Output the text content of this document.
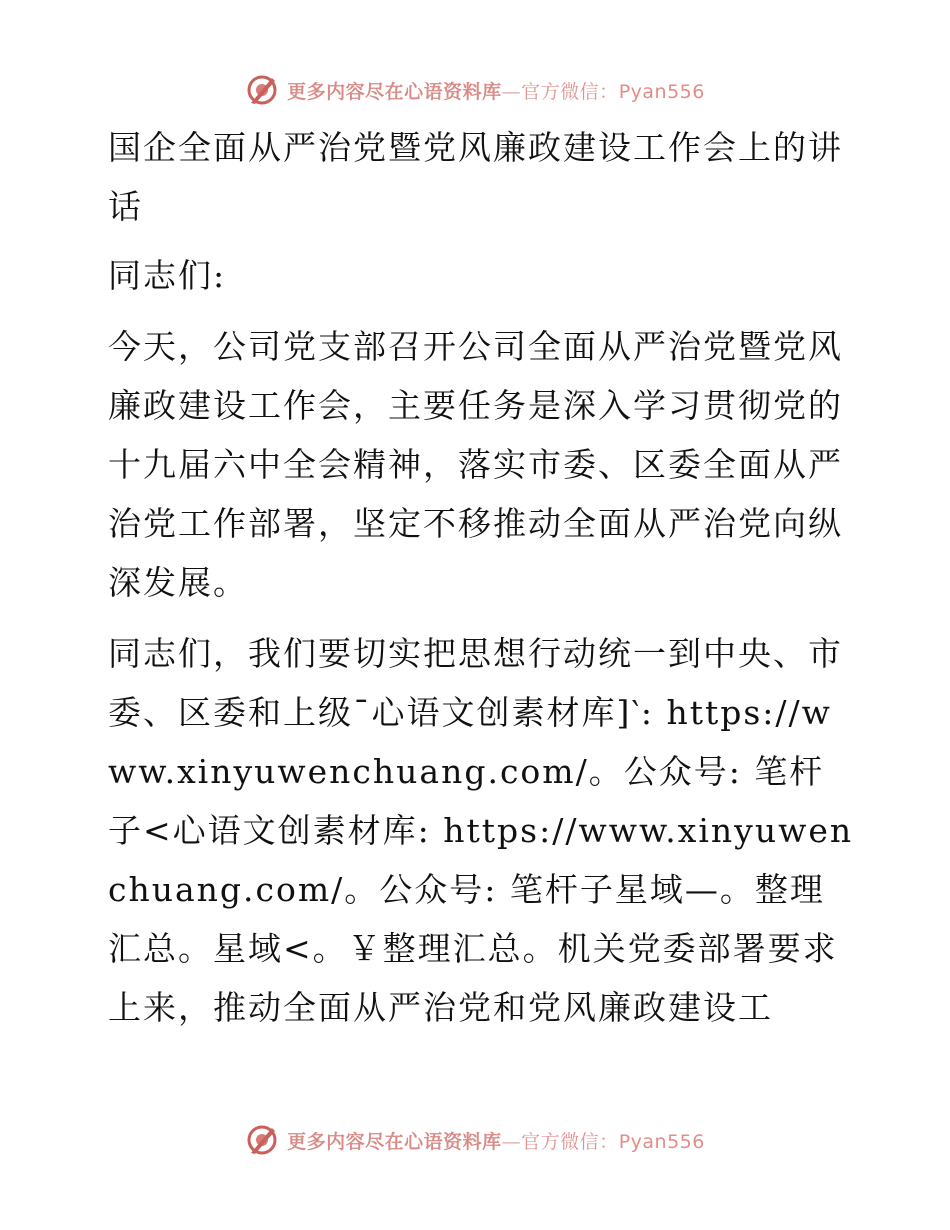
更多内容尽在心语资料库—官方微信：Pyan556

国企全面从严治党暨党风廉政建设工作会上的讲话

同志们:

今天，公司党支部召开公司全面从严治党暨党风廉政建设工作会，主要任务是深入学习贯彻党的十九届六中全会精神，落实市委、区委全面从严治党工作部署，坚定不移推动全面从严治党向纵深发展。

同志们，我们要切实把思想行动统一到中央、市委、区委和上级¯心语文创素材库]‵: https://www.xinyuwenchuang.com/。公众号: 笔杆子<心语文创素材库: https://www.xinyuwenchuang.com/。公众号: 笔杆子星域—。整理汇总。星域<。￥整理汇总。机关党委部署要求上来，推动全面从严治党和党风廉政建设工

更多内容尽在心语资料库—官方微信：Pyan556
